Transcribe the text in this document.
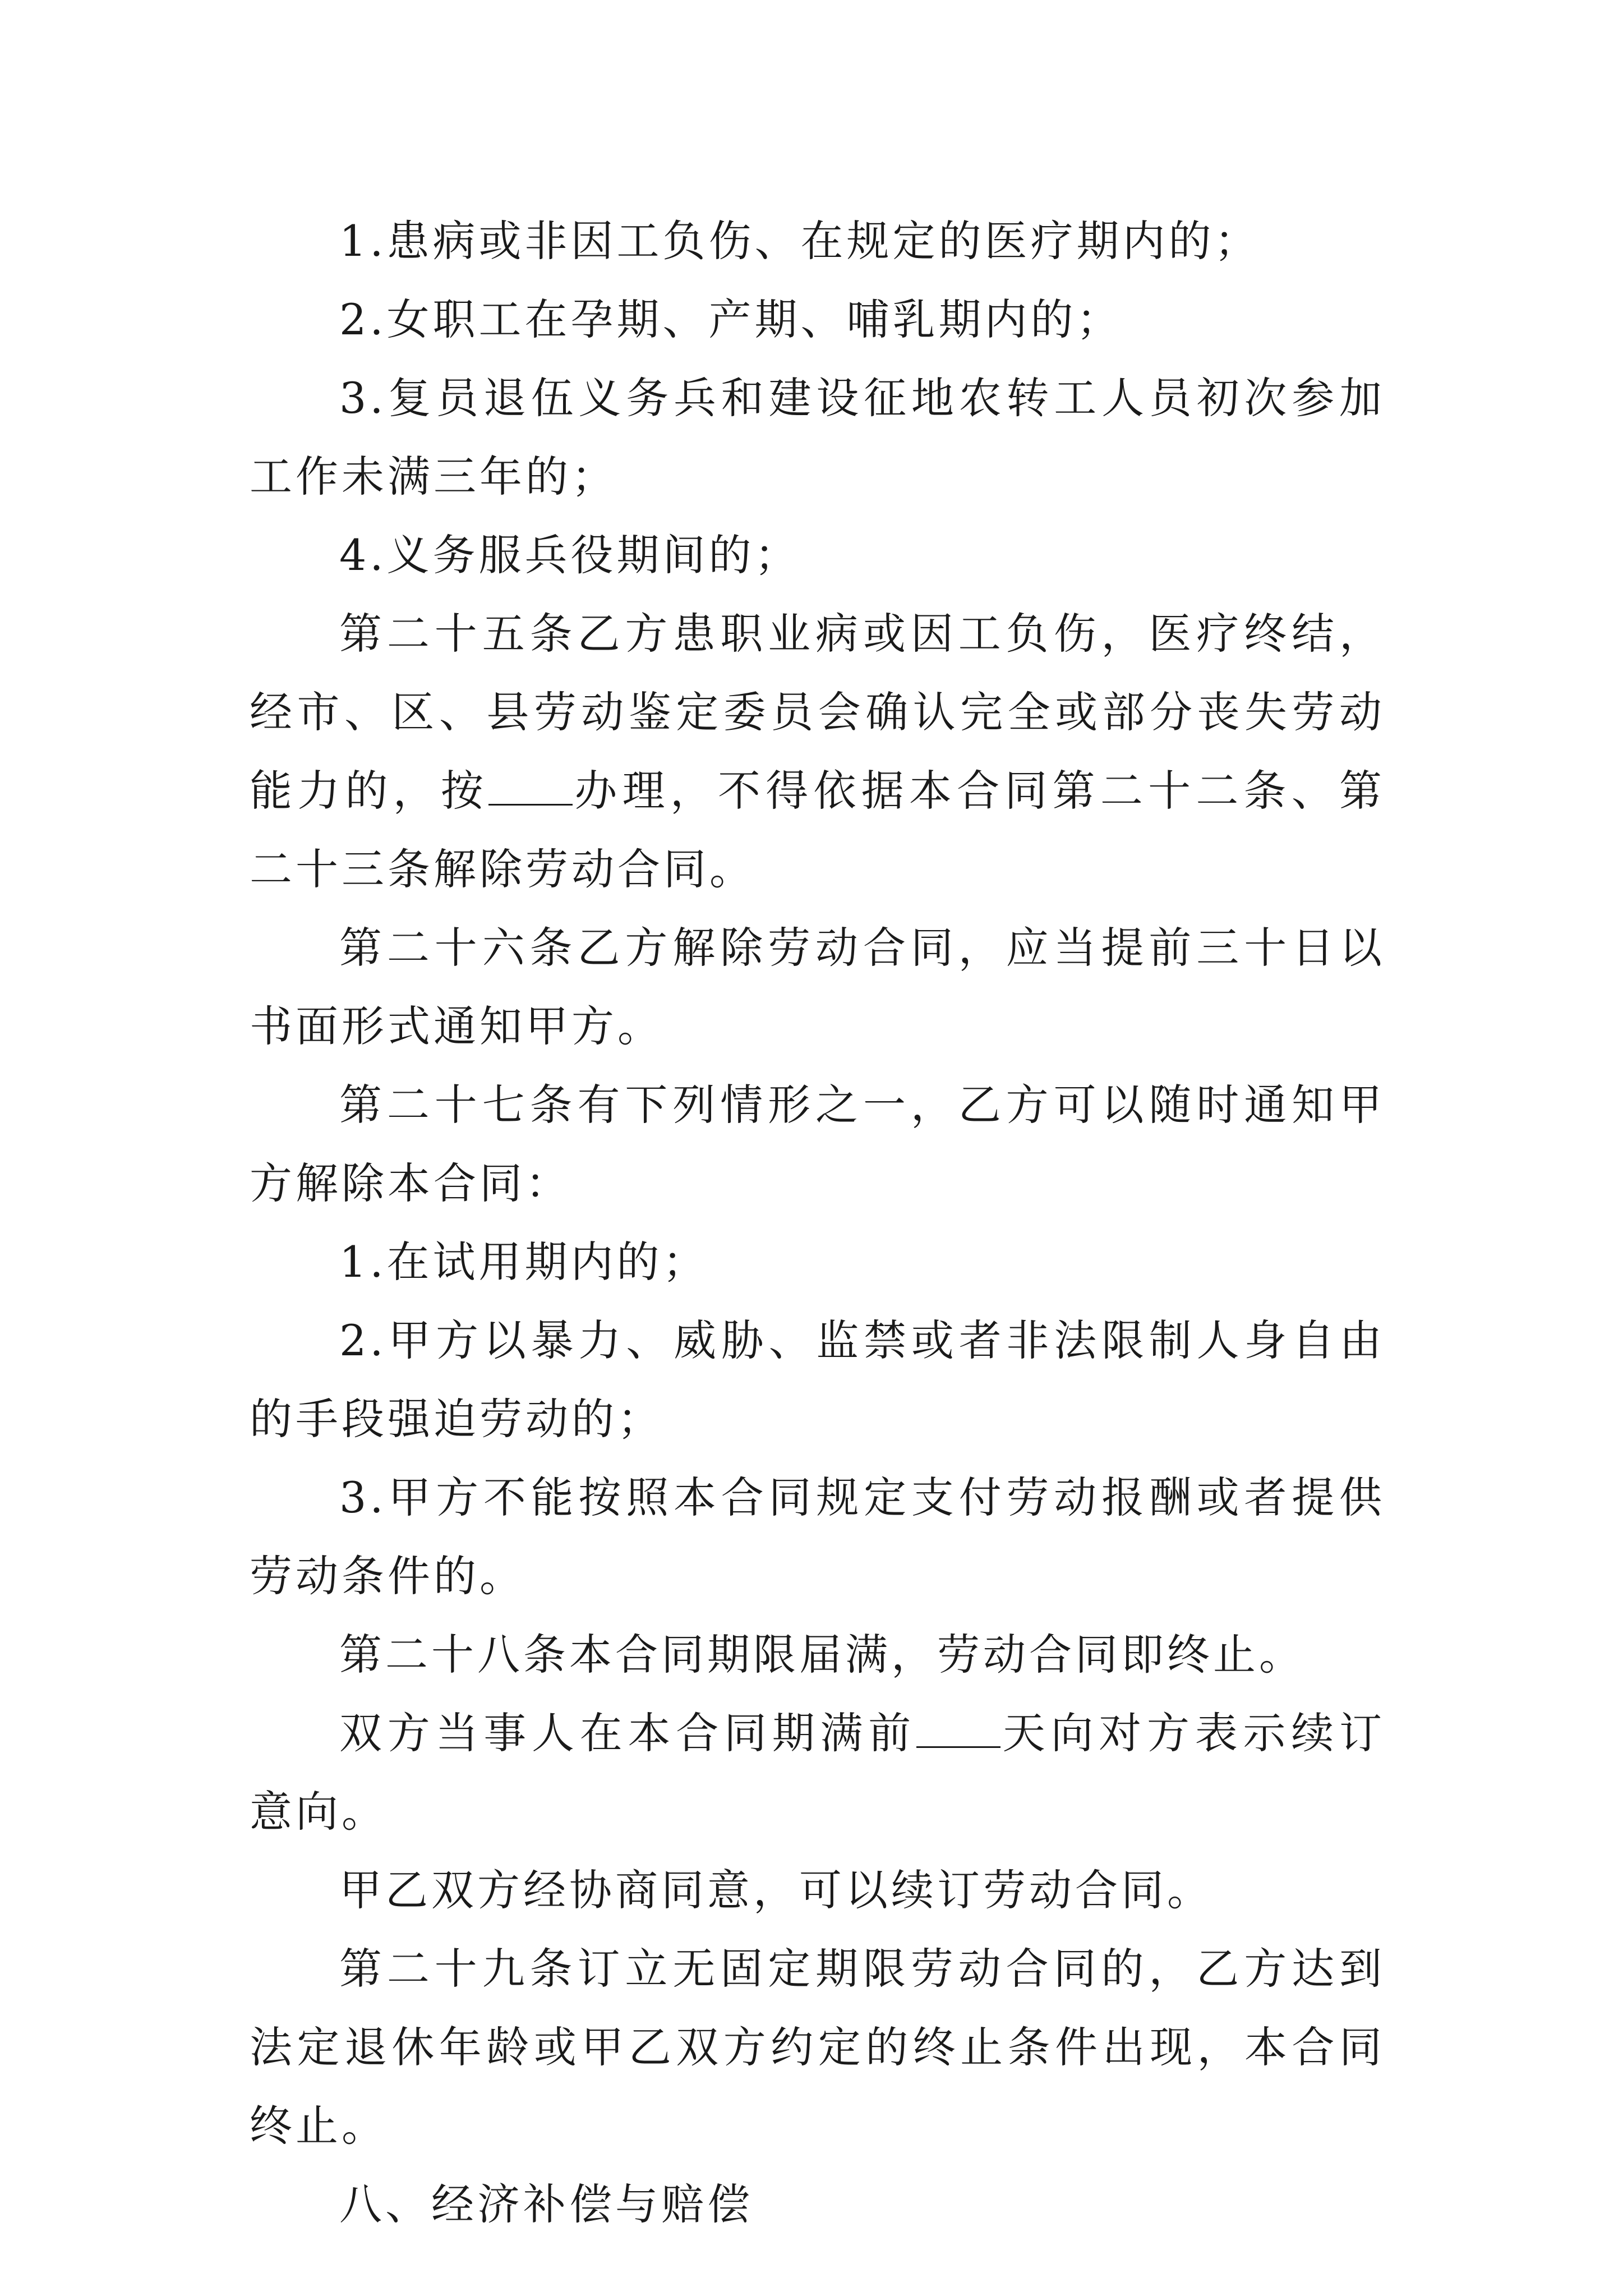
1.患病或非因工负伤、在规定的医疗期内的；

2.女职工在孕期、产期、哺乳期内的；

3.复员退伍义务兵和建设征地农转工人员初次参加工作未满三年的；

4.义务服兵役期间的；

第二十五条乙方患职业病或因工负伤，医疗终结，经市、区、县劳动鉴定委员会确认完全或部分丧失劳动能力的，按 办理，不得依据本合同第二十二条、第二十三条解除劳动合同。

第二十六条乙方解除劳动合同，应当提前三十日以书面形式通知甲方。

第二十七条有下列情形之一，乙方可以随时通知甲方解除本合同：

1.在试用期内的；

2.甲方以暴力、威胁、监禁或者非法限制人身自由的手段强迫劳动的；

3.甲方不能按照本合同规定支付劳动报酬或者提供劳动条件的。

第二十八条本合同期限届满，劳动合同即终止。

双方当事人在本合同期满前 天向对方表示续订意向。

甲乙双方经协商同意，可以续订劳动合同。

第二十九条订立无固定期限劳动合同的，乙方达到法定退休年龄或甲乙双方约定的终止条件出现，本合同终止。

八、经济补偿与赔偿
